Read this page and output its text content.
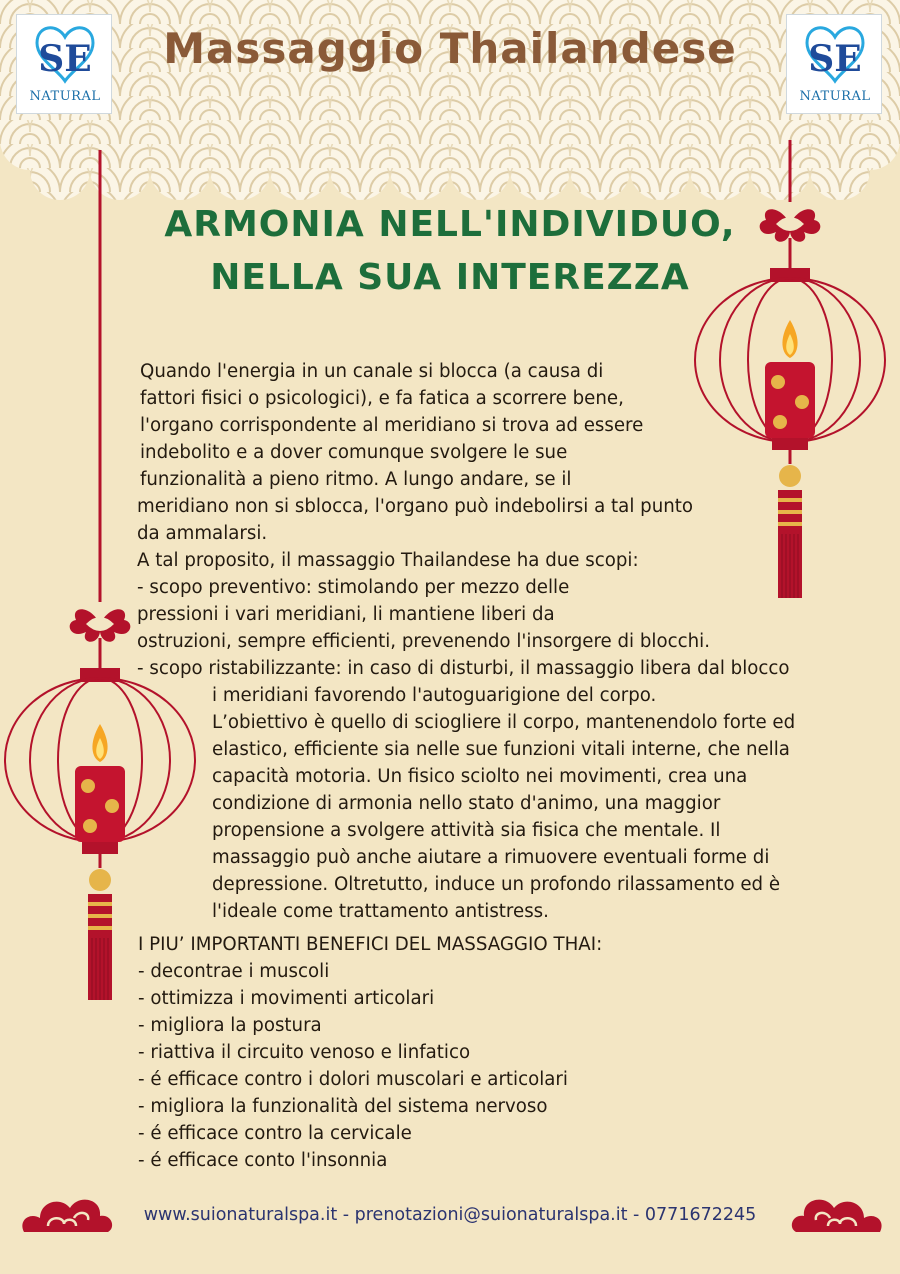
SE
NATURAL
SE
NATURAL
Massaggio Thailandese
ARMONIA NELL'INDIVIDUO,
NELLA SUA INTEREZZA
Quando l'energia in un canale si blocca (a causa di
fattori fisici o psicologici), e fa fatica a scorrere bene,
l'organo corrispondente al meridiano si trova ad essere
indebolito e a dover comunque svolgere le sue
funzionalità a pieno ritmo. A lungo andare, se il
meridiano non si sblocca, l'organo può indebolirsi a tal punto
da ammalarsi.
A tal proposito, il massaggio Thailandese ha due scopi:
- scopo preventivo: stimolando per mezzo delle
pressioni i vari meridiani, li mantiene liberi da
ostruzioni, sempre efficienti, prevenendo l'insorgere di blocchi.
- scopo ristabilizzante: in caso di disturbi, il massaggio libera dal blocco
i meridiani favorendo l'autoguarigione del corpo.
L’obiettivo è quello di sciogliere il corpo, mantenendolo forte ed
elastico, efficiente sia nelle sue funzioni vitali interne, che nella
capacità motoria. Un fisico sciolto nei movimenti, crea una
condizione di armonia nello stato d'animo, una maggior
propensione a svolgere attività sia fisica che mentale. Il
massaggio può anche aiutare a rimuovere eventuali forme di
depressione. Oltretutto, induce un profondo rilassamento ed è
l'ideale come trattamento antistress.
I PIU’ IMPORTANTI BENEFICI DEL MASSAGGIO THAI:
- decontrae i muscoli
- ottimizza i movimenti articolari
- migliora la postura
- riattiva il circuito venoso e linfatico
- é efficace contro i dolori muscolari e articolari
- migliora la funzionalità del sistema nervoso
- é efficace contro la cervicale
- é efficace conto l'insonnia
www.suionaturalspa.it - prenotazioni@suionaturalspa.it - 0771672245
